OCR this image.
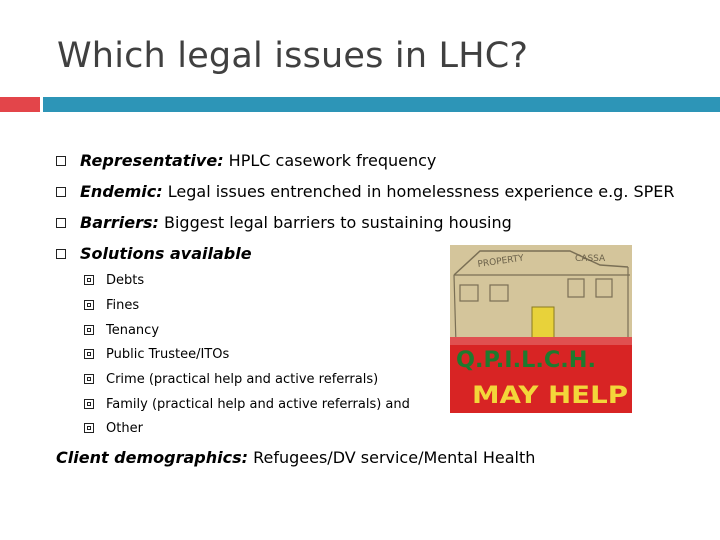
Which legal issues in LHC?
Representative: HPLC casework frequency
Endemic: Legal issues entrenched in homelessness experience e.g. SPER
Barriers: Biggest legal barriers to sustaining housing
Solutions available
Debts
Fines
Tenancy
Public Trustee/ITOs
Crime (practical help and active referrals)
Family (practical help and active referrals) and
Other
PROPERTY	CASSA
Q.P.I.L.C.H.
MAY HELP
Client demographics: Refugees/DV service/Mental Health
